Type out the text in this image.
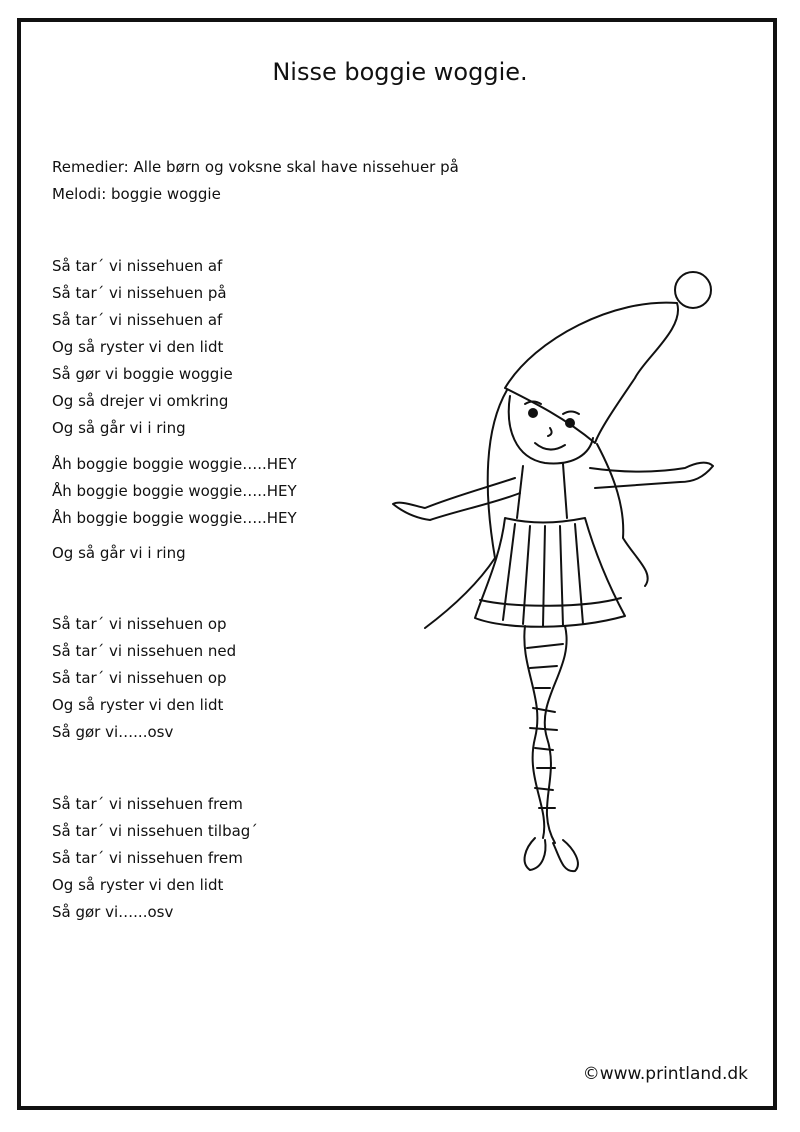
Nisse boggie woggie.
Remedier: Alle børn og voksne skal have nissehuer på
Melodi: boggie woggie
Så tar´ vi nissehuen af
Så tar´ vi nissehuen på
Så tar´ vi nissehuen af
Og så ryster vi den lidt
Så gør vi boggie woggie
Og så drejer vi omkring
Og så går vi i ring
Åh boggie boggie woggie…..HEY
Åh boggie boggie woggie…..HEY
Åh boggie boggie woggie…..HEY
Og så går vi i ring
Så tar´ vi nissehuen op
Så tar´ vi nissehuen ned
Så tar´ vi nissehuen op
Og så ryster vi den lidt
Så gør vi…...osv
Så tar´ vi nissehuen frem
Så tar´ vi nissehuen tilbag´
Så tar´ vi nissehuen frem
Og så ryster vi den lidt
Så gør vi…...osv
©www.printland.dk
